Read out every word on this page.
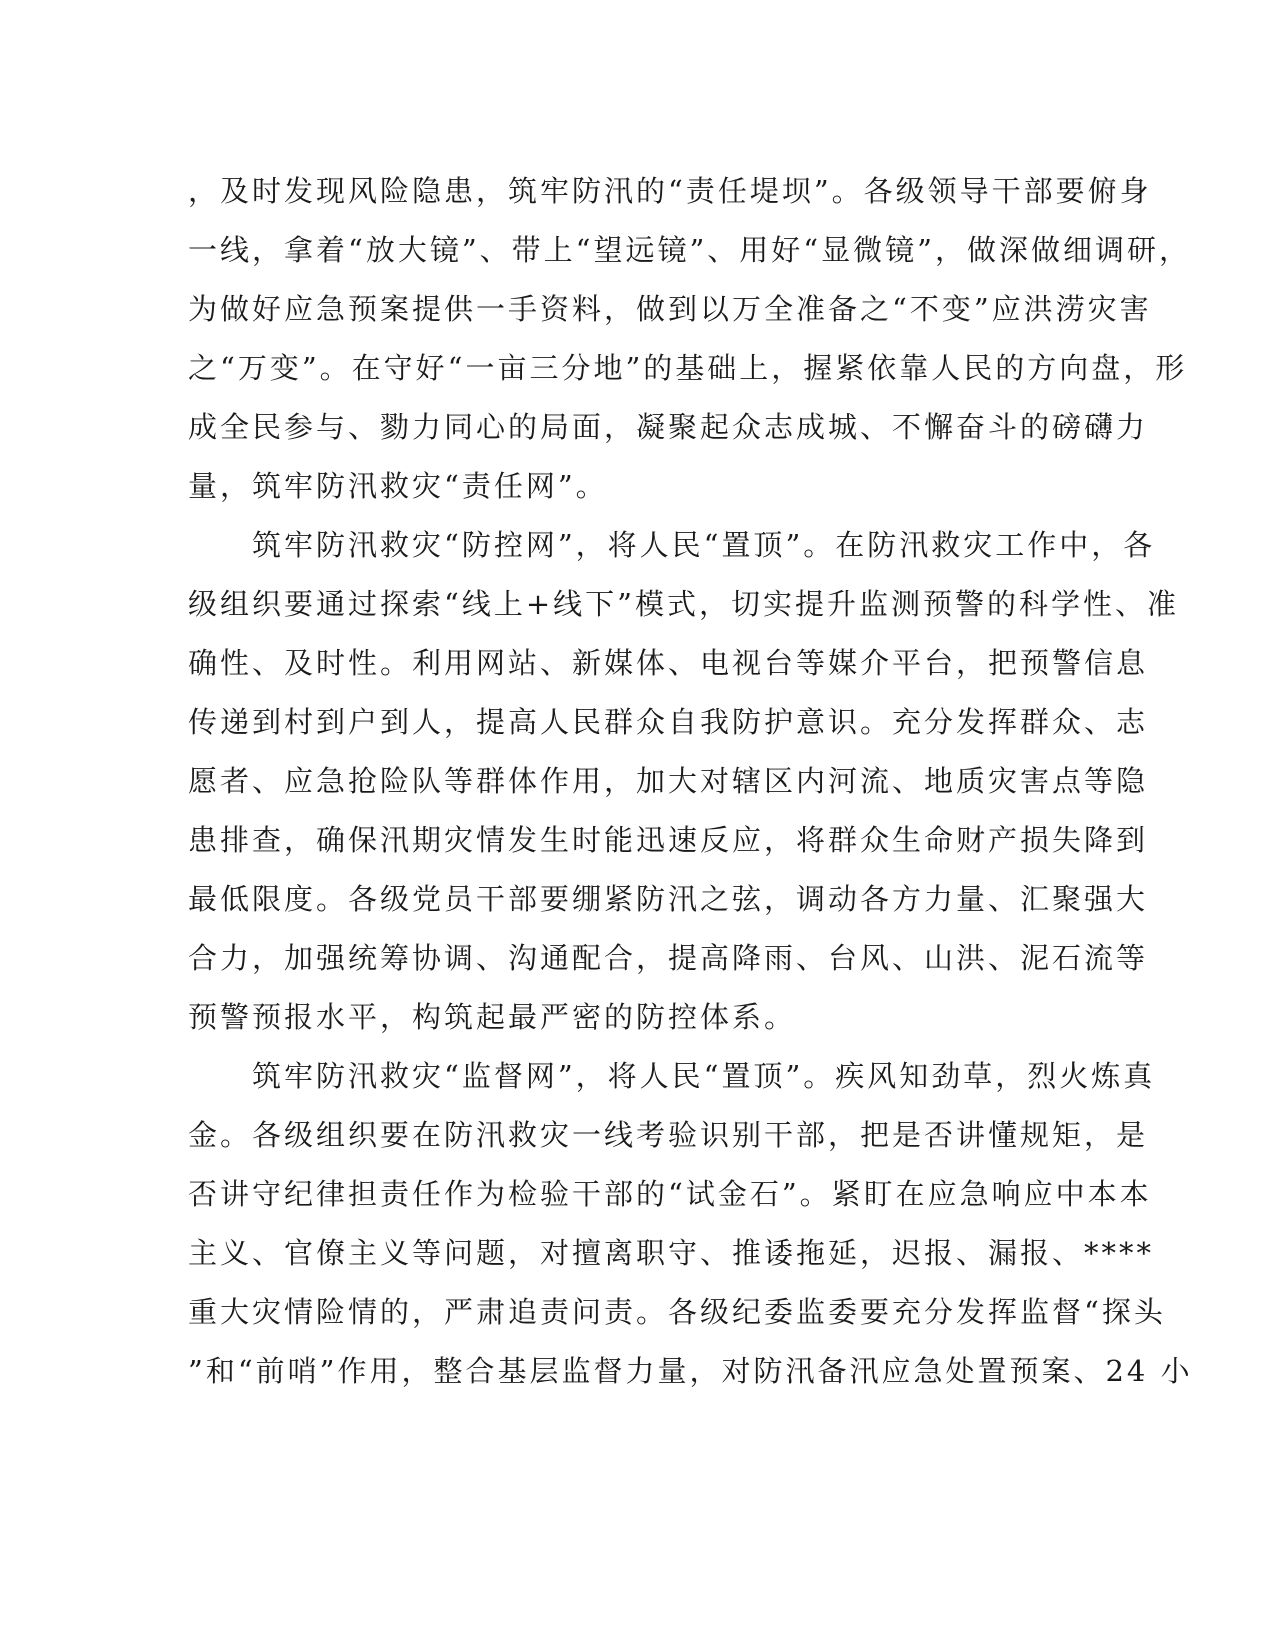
，及时发现风险隐患，筑牢防汛的“责任堤坝”。各级领导干部要俯身
一线，拿着“放大镜”、带上“望远镜”、用好“显微镜”，做深做细调研，
为做好应急预案提供一手资料，做到以万全准备之“不变”应洪涝灾害
之“万变”。在守好“一亩三分地”的基础上，握紧依靠人民的方向盘，形
成全民参与、勠力同心的局面，凝聚起众志成城、不懈奋斗的磅礴力
量，筑牢防汛救灾“责任网”。
　　筑牢防汛救灾“防控网”，将人民“置顶”。在防汛救灾工作中，各
级组织要通过探索“线上+线下”模式，切实提升监测预警的科学性、准
确性、及时性。利用网站、新媒体、电视台等媒介平台，把预警信息
传递到村到户到人，提高人民群众自我防护意识。充分发挥群众、志
愿者、应急抢险队等群体作用，加大对辖区内河流、地质灾害点等隐
患排查，确保汛期灾情发生时能迅速反应，将群众生命财产损失降到
最低限度。各级党员干部要绷紧防汛之弦，调动各方力量、汇聚强大
合力，加强统筹协调、沟通配合，提高降雨、台风、山洪、泥石流等
预警预报水平，构筑起最严密的防控体系。
　　筑牢防汛救灾“监督网”，将人民“置顶”。疾风知劲草，烈火炼真
金。各级组织要在防汛救灾一线考验识别干部，把是否讲懂规矩，是
否讲守纪律担责任作为检验干部的“试金石”。紧盯在应急响应中本本
主义、官僚主义等问题，对擅离职守、推诿拖延，迟报、漏报、****
重大灾情险情的，严肃追责问责。各级纪委监委要充分发挥监督“探头
”和“前哨”作用，整合基层监督力量，对防汛备汛应急处置预案、24 小
